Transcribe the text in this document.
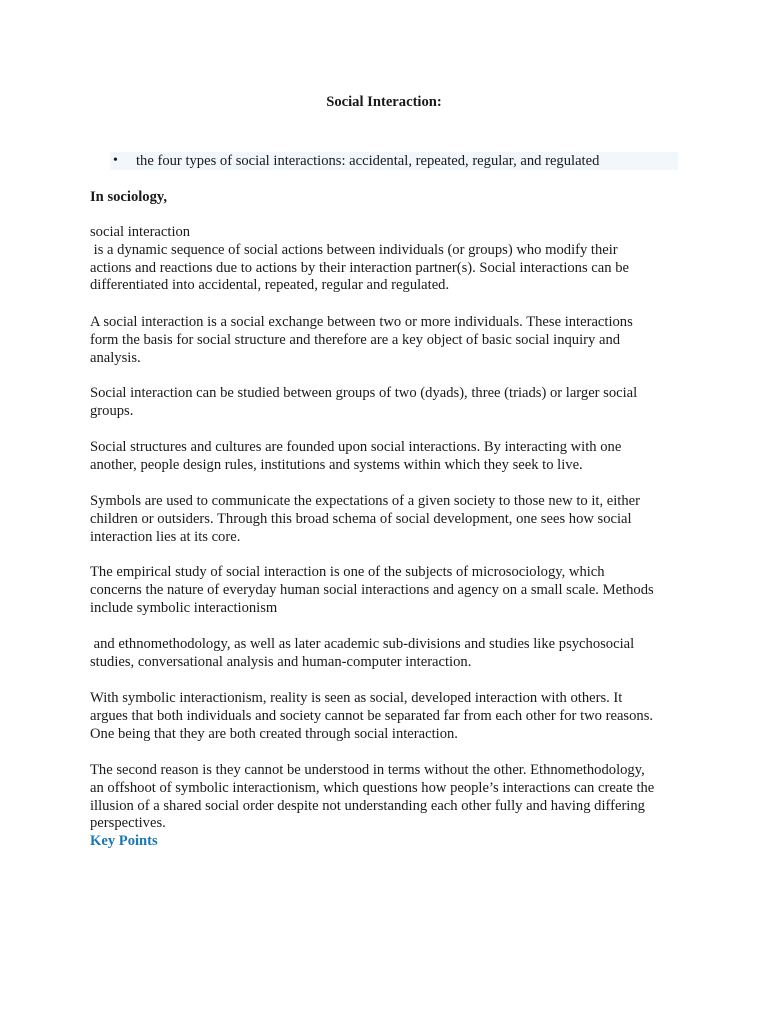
Social Interaction:
• the four types of social interactions: accidental, repeated, regular, and regulated

In sociology,

social interaction
is a dynamic sequence of social actions between individuals (or groups) who modify their
actions and reactions due to actions by their interaction partner(s). Social interactions can be
differentiated into accidental, repeated, regular and regulated.
A social interaction is a social exchange between two or more individuals. These interactions
form the basis for social structure and therefore are a key object of basic social inquiry and
analysis.
Social interaction can be studied between groups of two (dyads), three (triads) or larger social
groups.
Social structures and cultures are founded upon social interactions. By interacting with one
another, people design rules, institutions and systems within which they seek to live.
Symbols are used to communicate the expectations of a given society to those new to it, either
children or outsiders. Through this broad schema of social development, one sees how social
interaction lies at its core.
The empirical study of social interaction is one of the subjects of microsociology, which
concerns the nature of everyday human social interactions and agency on a small scale. Methods
include symbolic interactionism
and ethnomethodology, as well as later academic sub-divisions and studies like psychosocial
studies, conversational analysis and human-computer interaction.
With symbolic interactionism, reality is seen as social, developed interaction with others. It
argues that both individuals and society cannot be separated far from each other for two reasons.
One being that they are both created through social interaction.
The second reason is they cannot be understood in terms without the other. Ethnomethodology,
an offshoot of symbolic interactionism, which questions how people’s interactions can create the
illusion of a shared social order despite not understanding each other fully and having differing
perspectives.
Key Points
